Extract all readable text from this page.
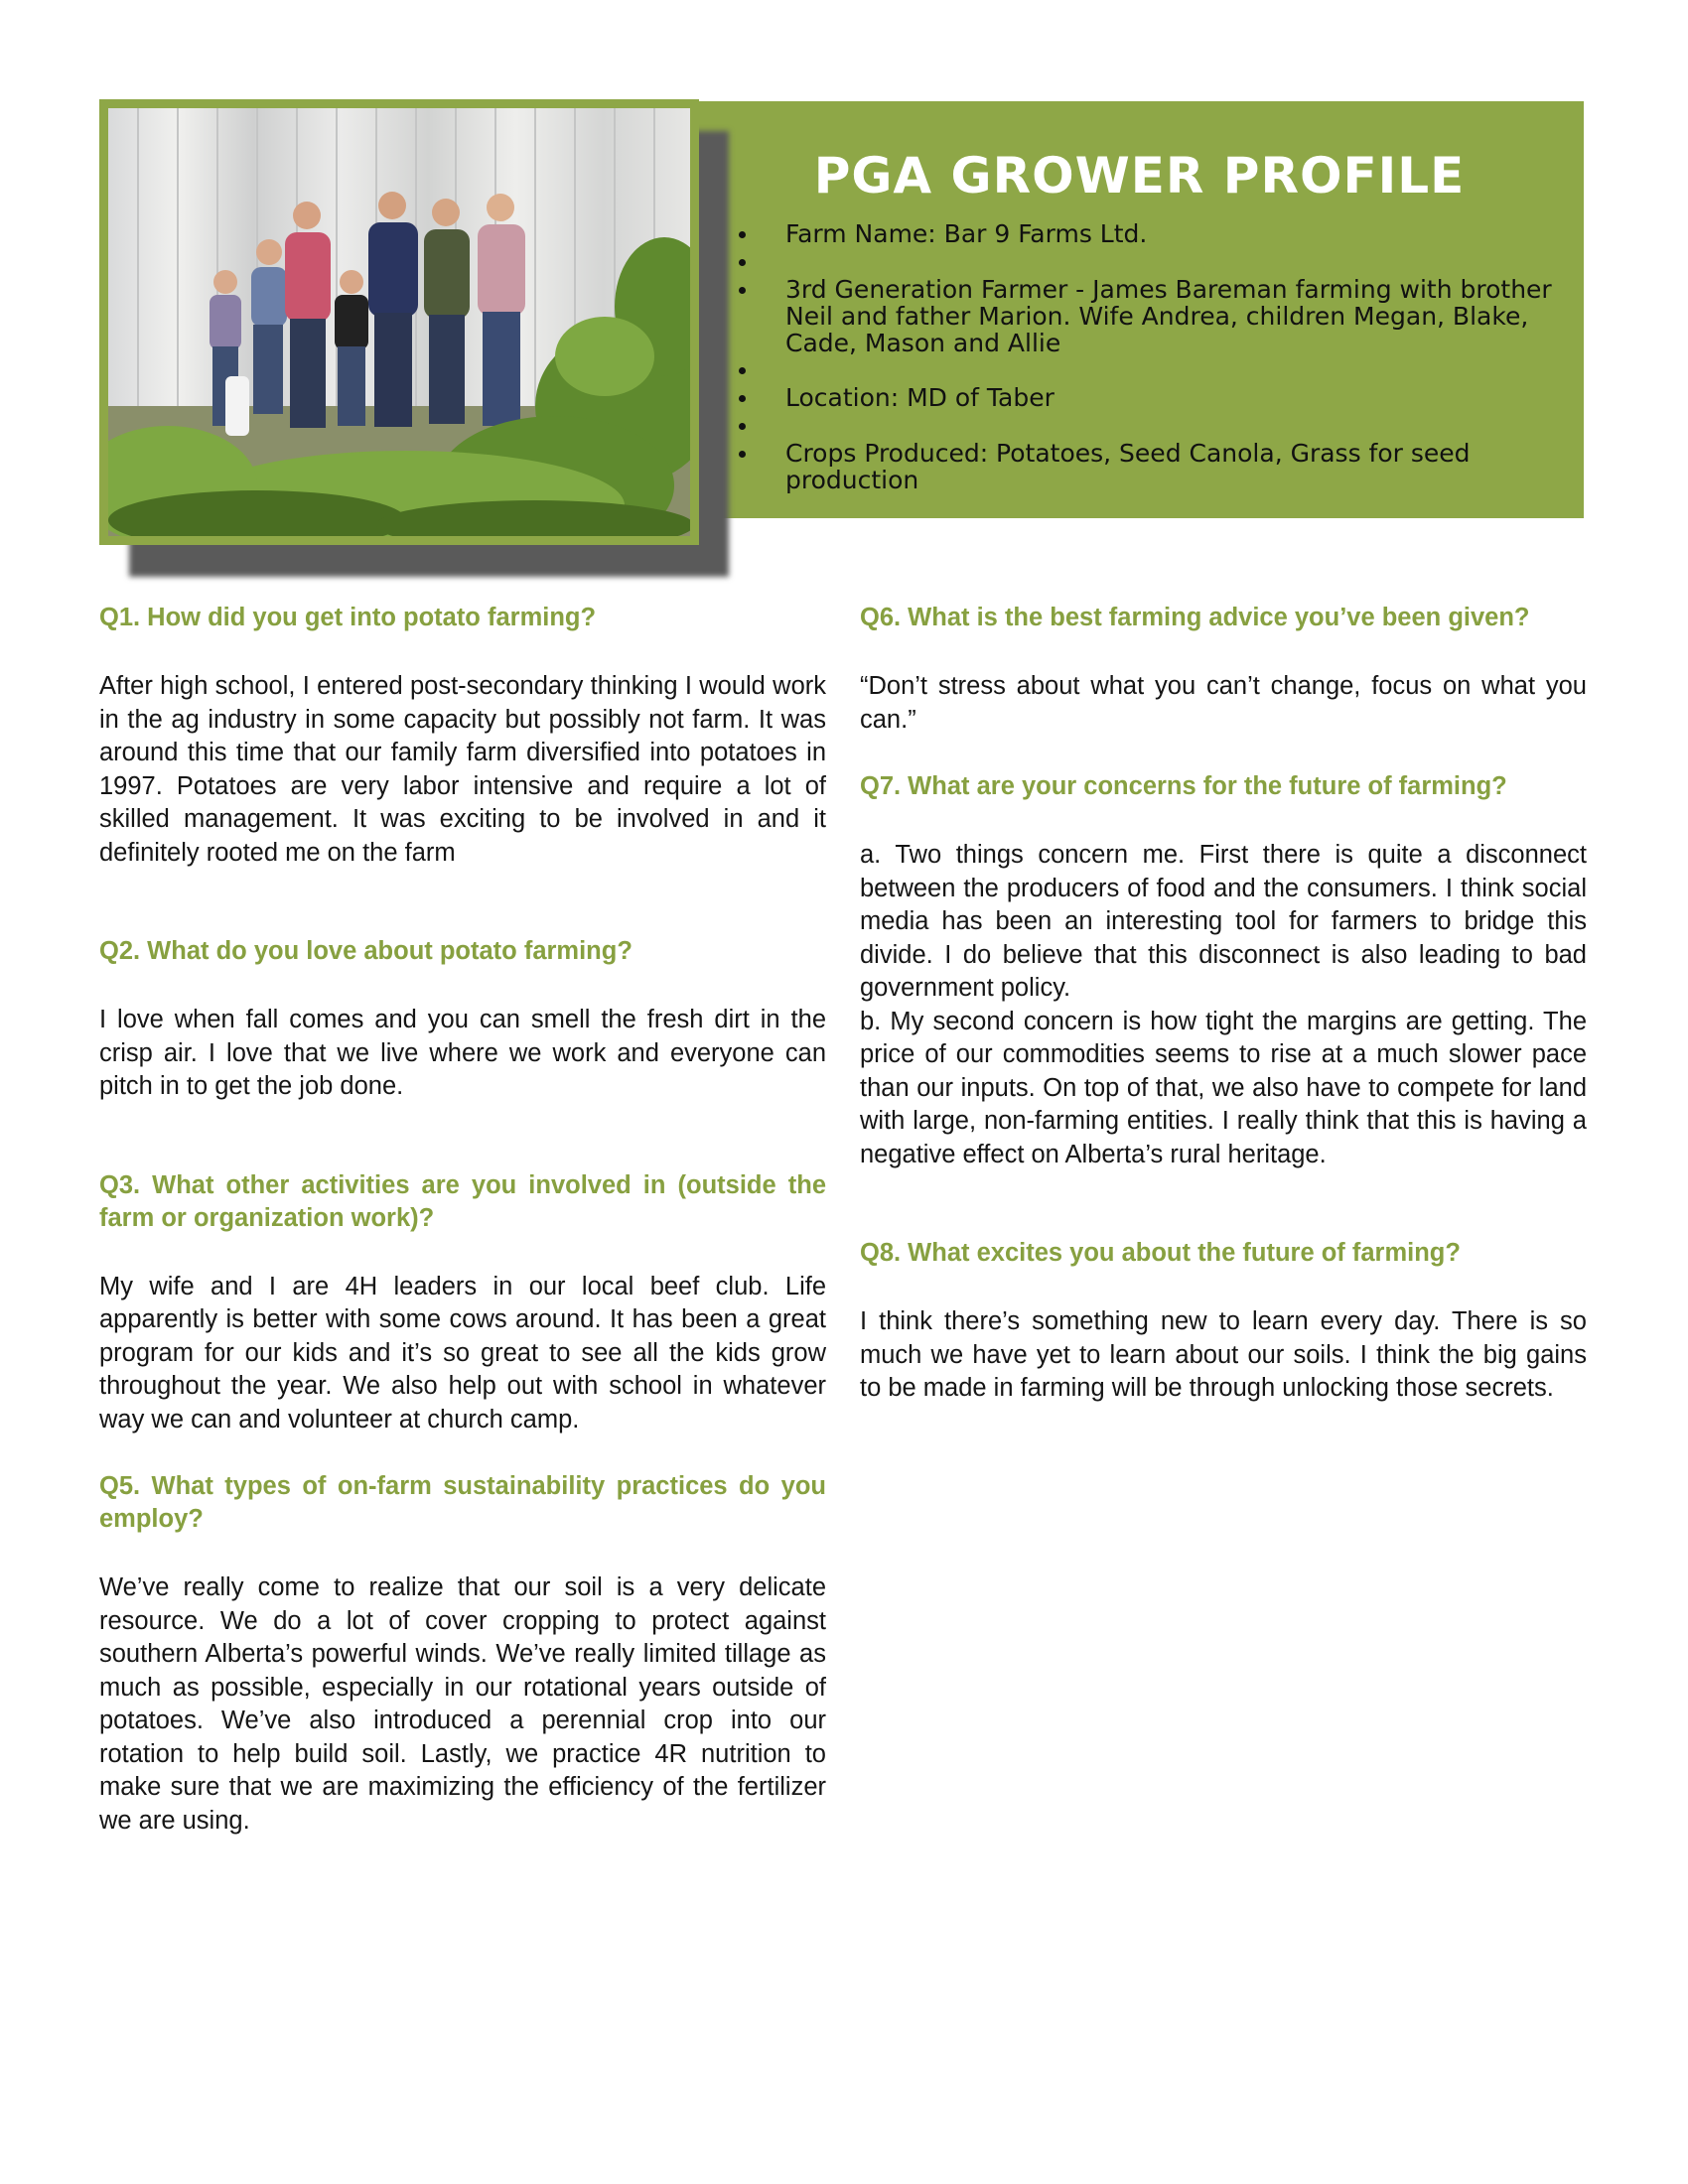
PGA GROWER PROFILE
Farm Name: Bar 9 Farms Ltd.
3rd Generation Farmer - James Bareman farming with brother Neil and father Marion. Wife Andrea, children Megan, Blake, Cade, Mason and Allie
Location: MD of Taber
Crops Produced: Potatoes, Seed Canola, Grass for seed production

Q1. How did you get into potato farming?

After high school, I entered post-secondary thinking I would work in the ag industry in some capacity but possibly not farm. It was around this time that our family farm diversified into potatoes in 1997. Potatoes are very labor intensive and require a lot of skilled management. It was exciting to be involved in and it definitely rooted me on the farm

Q2. What do you love about potato farming?

I love when fall comes and you can smell the fresh dirt in the crisp air. I love that we live where we work and everyone can pitch in to get the job done.

Q3. What other activities are you involved in (outside the farm or organization work)?

My wife and I are 4H leaders in our local beef club. Life apparently is better with some cows around. It has been a great program for our kids and it’s so great to see all the kids grow throughout the year. We also help out with school in whatever way we can and volunteer at church camp.

Q5. What types of on-farm sustainability practices do you employ?

We’ve really come to realize that our soil is a very delicate resource. We do a lot of cover cropping to protect against southern Alberta’s powerful winds. We’ve really limited tillage as much as possible, especially in our rotational years outside of potatoes. We’ve also introduced a perennial crop into our rotation to help build soil. Lastly, we practice 4R nutrition to make sure that we are maximizing the efficiency of the fertilizer we are using.

Q6. What is the best farming advice you’ve been given?

“Don’t stress about what you can’t change, focus on what you can.”

Q7. What are your concerns for the future of farming?

a. Two things concern me. First there is quite a disconnect between the producers of food and the consumers. I think social media has been an interesting tool for farmers to bridge this divide. I do believe that this disconnect is also leading to bad government policy.

b. My second concern is how tight the margins are getting. The price of our commodities seems to rise at a much slower pace than our inputs. On top of that, we also have to compete for land with large, non-farming entities. I really think that this is having a negative effect on Alberta’s rural heritage.

Q8. What excites you about the future of farming?

I think there’s something new to learn every day. There is so much we have yet to learn about our soils. I think the big gains to be made in farming will be through unlocking those secrets.
